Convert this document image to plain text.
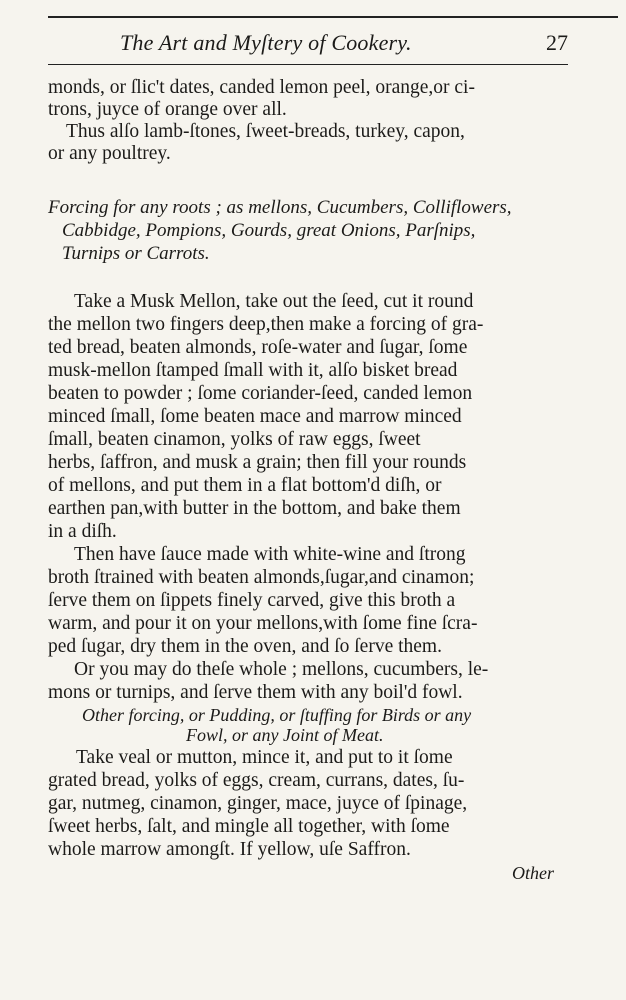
The Art and Myſtery of Cookery.	27
monds, or ſlic't dates, canded lemon peel, orange,or ci-
trons, juyce of orange over all.
Thus alſo lamb-ſtones, ſweet-breads, turkey, capon,
or any poultrey.
Forcing for any roots ; as mellons, Cucumbers, Colliflowers,
Cabbidge, Pompions, Gourds, great Onions, Parſnips,
Turnips or Carrots.
Take a Musk Mellon, take out the ſeed, cut it round
the mellon two fingers deep,then make a forcing of gra-
ted bread, beaten almonds, roſe-water and ſugar, ſome
musk-mellon ſtamped ſmall with it, alſo bisket bread
beaten to powder ; ſome coriander-ſeed, canded lemon
minced ſmall, ſome beaten mace and marrow minced
ſmall, beaten cinamon, yolks of raw eggs, ſweet
herbs, ſaffron, and musk a grain; then fill your rounds
of mellons, and put them in a flat bottom'd diſh, or
earthen pan,with butter in the bottom, and bake them
in a diſh.
Then have ſauce made with white-wine and ſtrong
broth ſtrained with beaten almonds,ſugar,and cinamon;
ſerve them on ſippets finely carved, give this broth a
warm, and pour it on your mellons,with ſome fine ſcra-
ped ſugar, dry them in the oven, and ſo ſerve them.
Or you may do theſe whole ; mellons, cucumbers, le-
mons or turnips, and ſerve them with any boil'd fowl.
Other forcing, or Pudding, or ſtuffing for Birds or any
Fowl, or any Joint of Meat.
Take veal or mutton, mince it, and put to it ſome
grated bread, yolks of eggs, cream, currans, dates, ſu-
gar, nutmeg, cinamon, ginger, mace, juyce of ſpinage,
ſweet herbs, ſalt, and mingle all together, with ſome
whole marrow amongſt. If yellow, uſe Saffron.
Other
